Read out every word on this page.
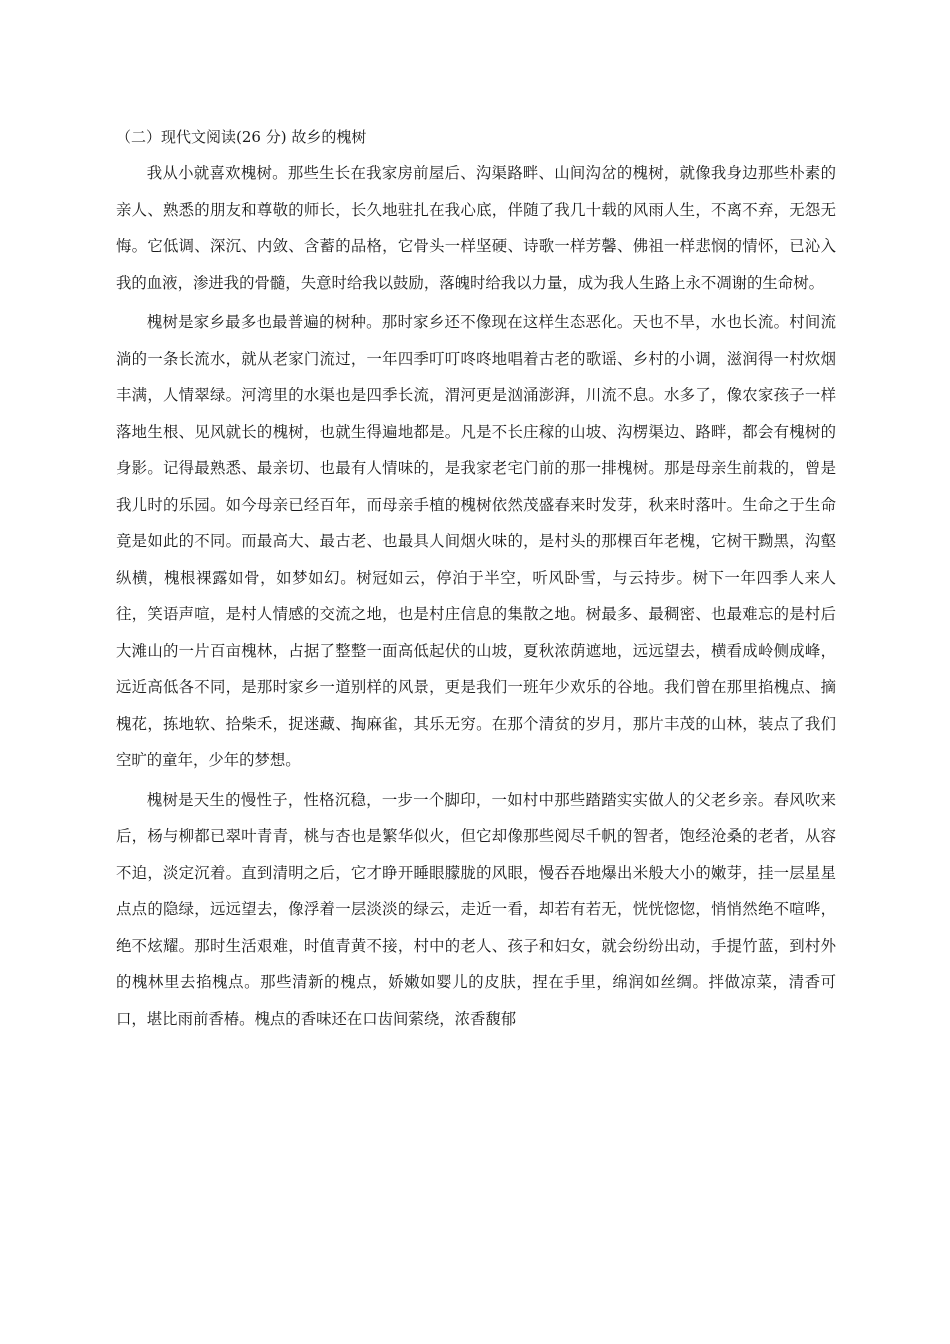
（二）现代文阅读(26 分) 故乡的槐树

我从小就喜欢槐树。那些生长在我家房前屋后、沟渠路畔、山间沟岔的槐树，就像我身边那些朴素的亲人、熟悉的朋友和尊敬的师长，长久地驻扎在我心底，伴随了我几十载的风雨人生，不离不弃，无怨无悔。它低调、深沉、内敛、含蓄的品格，它骨头一样坚硬、诗歌一样芳馨、佛祖一样悲悯的情怀，已沁入我的血液，渗进我的骨髓，失意时给我以鼓励，落魄时给我以力量，成为我人生路上永不凋谢的生命树。

槐树是家乡最多也最普遍的树种。那时家乡还不像现在这样生态恶化。天也不旱，水也长流。村间流淌的一条长流水，就从老家门流过，一年四季叮叮咚咚地唱着古老的歌谣、乡村的小调，滋润得一村炊烟丰满，人情翠绿。河湾里的水渠也是四季长流，渭河更是汹涌澎湃，川流不息。水多了，像农家孩子一样落地生根、见风就长的槐树，也就生得遍地都是。凡是不长庄稼的山坡、沟楞渠边、路畔，都会有槐树的身影。记得最熟悉、最亲切、也最有人情味的，是我家老宅门前的那一排槐树。那是母亲生前栽的，曾是我儿时的乐园。如今母亲已经百年，而母亲手植的槐树依然茂盛春来时发芽，秋来时落叶。生命之于生命竟是如此的不同。而最高大、最古老、也最具人间烟火味的，是村头的那棵百年老槐，它树干黝黑，沟壑纵横，槐根裸露如骨，如梦如幻。树冠如云，停泊于半空，听风卧雪，与云持步。树下一年四季人来人往，笑语声喧，是村人情感的交流之地，也是村庄信息的集散之地。树最多、最稠密、也最难忘的是村后大滩山的一片百亩槐林，占据了整整一面高低起伏的山坡，夏秋浓荫遮地，远远望去，横看成岭侧成峰，远近高低各不同，是那时家乡一道别样的风景，更是我们一班年少欢乐的谷地。我们曾在那里掐槐点、摘槐花，拣地软、拾柴禾，捉迷藏、掏麻雀，其乐无穷。在那个清贫的岁月，那片丰茂的山林，装点了我们空旷的童年，少年的梦想。

槐树是天生的慢性子，性格沉稳，一步一个脚印，一如村中那些踏踏实实做人的父老乡亲。春风吹来后，杨与柳都已翠叶青青，桃与杏也是繁华似火，但它却像那些阅尽千帆的智者，饱经沧桑的老者，从容不迫，淡定沉着。直到清明之后，它才睁开睡眼朦胧的风眼，慢吞吞地爆出米般大小的嫩芽，挂一层星星点点的隐绿，远远望去，像浮着一层淡淡的绿云，走近一看，却若有若无，恍恍惚惚，悄悄然绝不喧哗，绝不炫耀。那时生活艰难，时值青黄不接，村中的老人、孩子和妇女，就会纷纷出动，手提竹蓝，到村外的槐林里去掐槐点。那些清新的槐点，娇嫩如婴儿的皮肤，捏在手里，绵润如丝绸。拌做凉菜，清香可口，堪比雨前香椿。槐点的香味还在口齿间萦绕，浓香馥郁
